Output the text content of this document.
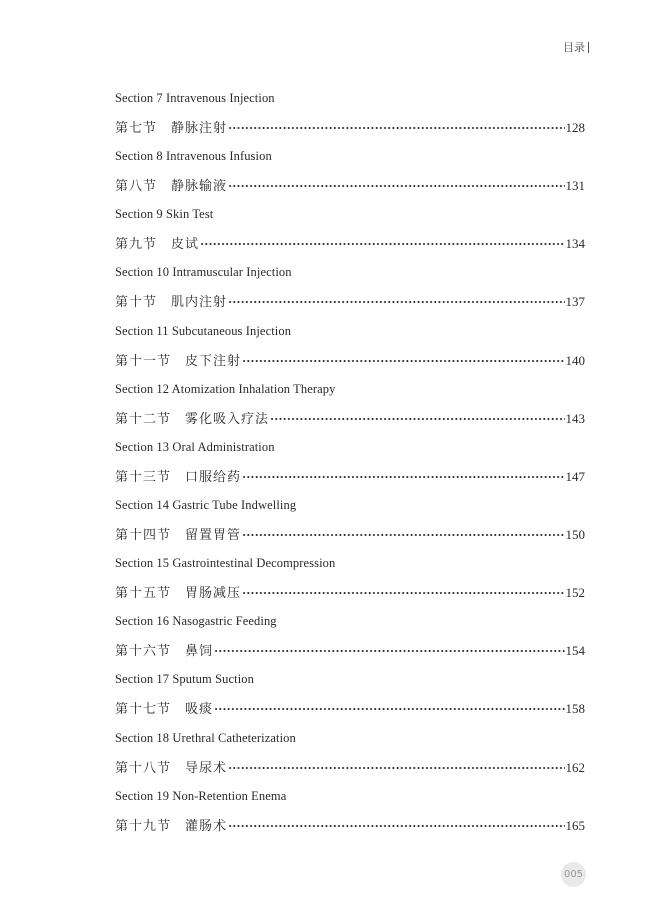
目录
Section 7 Intravenous Injection
第七节 静脉注射	128
Section 8 Intravenous Infusion
第八节 静脉输液	131
Section 9 Skin Test
第九节 皮试	134
Section 10 Intramuscular Injection
第十节 肌内注射	137
Section 11 Subcutaneous Injection
第十一节 皮下注射	140
Section 12 Atomization Inhalation Therapy
第十二节 雾化吸入疗法	143
Section 13 Oral Administration
第十三节 口服给药	147
Section 14 Gastric Tube Indwelling
第十四节 留置胃管	150
Section 15 Gastrointestinal Decompression
第十五节 胃肠减压	152
Section 16 Nasogastric Feeding
第十六节 鼻饲	154
Section 17 Sputum Suction
第十七节 吸痰	158
Section 18 Urethral Catheterization
第十八节 导尿术	162
Section 19 Non-Retention Enema
第十九节 灌肠术	165
005
